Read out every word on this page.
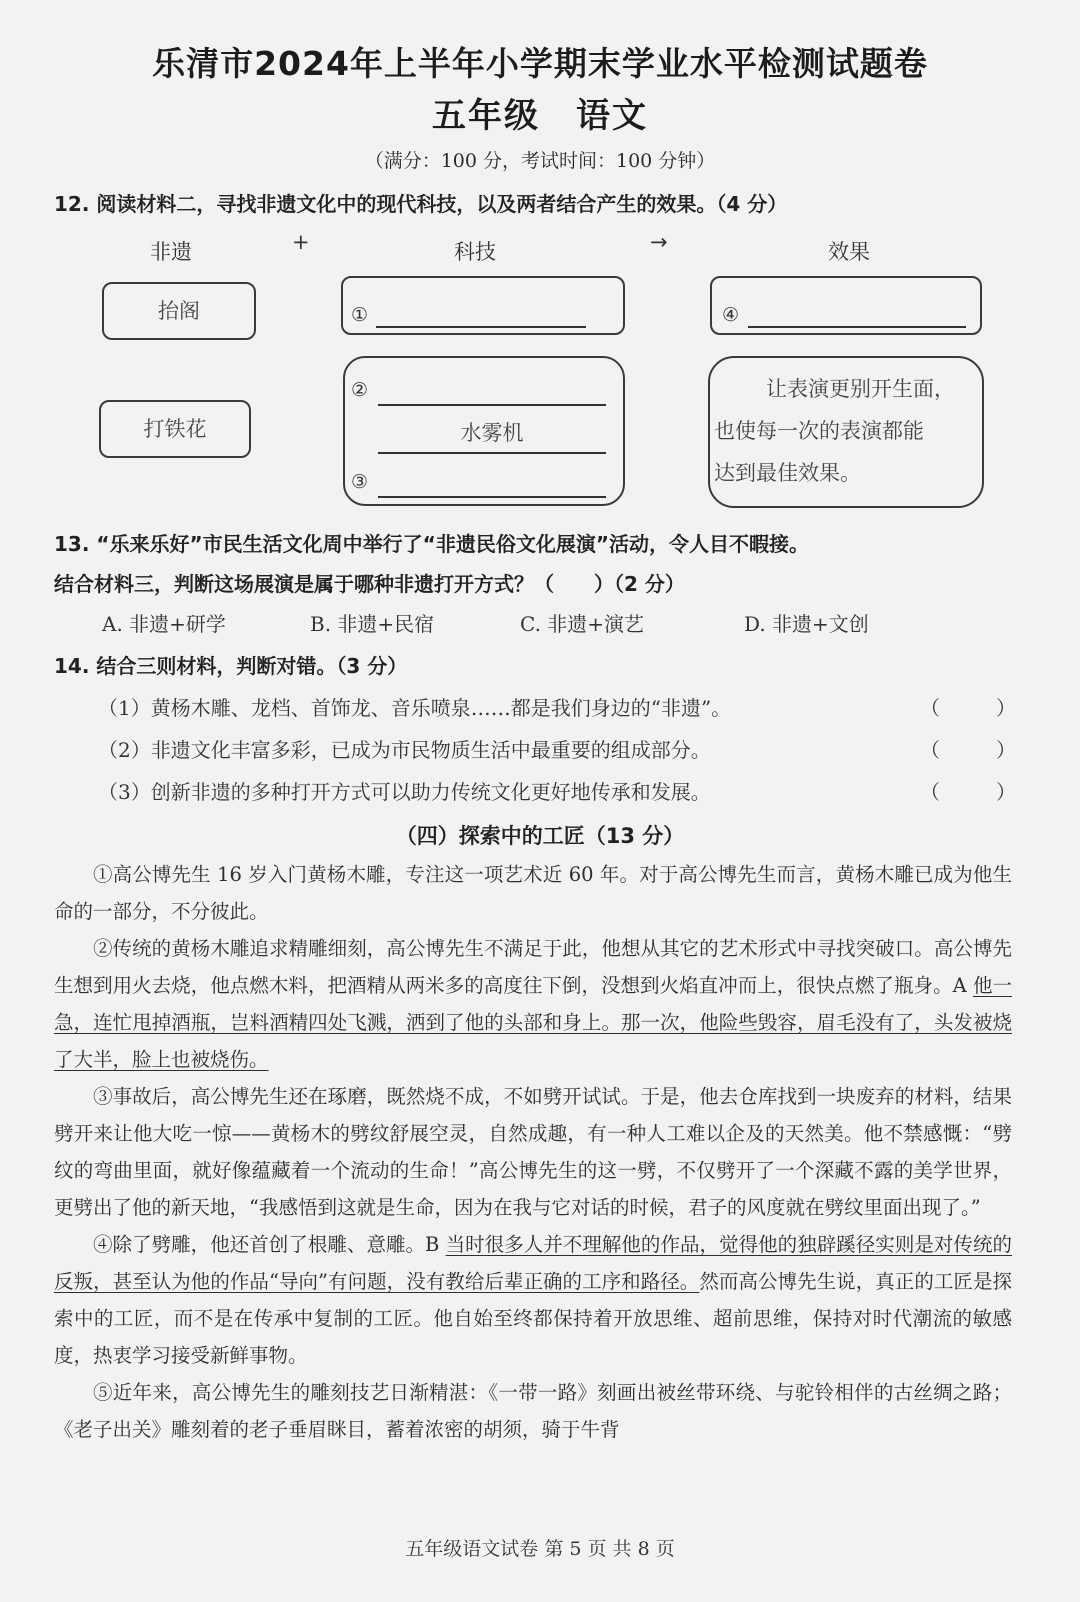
乐清市2024年上半年小学期末学业水平检测试题卷
五年级 语文
（满分：100 分，考试时间：100 分钟）
12. 阅读材料二，寻找非遗文化中的现代科技，以及两者结合产生的效果。（4 分）
非遗	+	科技	→	效果
抬阁
打铁花
①	④
②
水雾机
③
让表演更别开生面，
也使每一次的表演都能
达到最佳效果。
13. “乐来乐好”市民生活文化周中举行了“非遗民俗文化展演”活动，令人目不暇接。
结合材料三，判断这场展演是属于哪种非遗打开方式？（　　）（2 分）
A. 非遗+研学	B. 非遗+民宿	C. 非遗+演艺	D. 非遗+文创
14. 结合三则材料，判断对错。（3 分）
（1）黄杨木雕、龙档、首饰龙、音乐喷泉……都是我们身边的“非遗”。	（	）
（2）非遗文化丰富多彩，已成为市民物质生活中最重要的组成部分。	（	）
（3）创新非遗的多种打开方式可以助力传统文化更好地传承和发展。	（	）
（四）探索中的工匠（13 分）

①高公博先生 16 岁入门黄杨木雕，专注这一项艺术近 60 年。对于高公博先生而言，黄杨木雕已成为他生命的一部分，不分彼此。

②传统的黄杨木雕追求精雕细刻，高公博先生不满足于此，他想从其它的艺术形式中寻找突破口。高公博先生想到用火去烧，他点燃木料，把酒精从两米多的高度往下倒，没想到火焰直冲而上，很快点燃了瓶身。A 他一急，连忙甩掉酒瓶，岂料酒精四处飞溅，洒到了他的头部和身上。那一次，他险些毁容，眉毛没有了，头发被烧了大半，脸上也被烧伤。

③事故后，高公博先生还在琢磨，既然烧不成，不如劈开试试。于是，他去仓库找到一块废弃的材料，结果劈开来让他大吃一惊——黄杨木的劈纹舒展空灵，自然成趣，有一种人工难以企及的天然美。他不禁感慨：“劈纹的弯曲里面，就好像蕴藏着一个流动的生命！”高公博先生的这一劈，不仅劈开了一个深藏不露的美学世界，更劈出了他的新天地，“我感悟到这就是生命，因为在我与它对话的时候，君子的风度就在劈纹里面出现了。”

④除了劈雕，他还首创了根雕、意雕。B 当时很多人并不理解他的作品，觉得他的独辟蹊径实则是对传统的反叛，甚至认为他的作品“导向”有问题，没有教给后辈正确的工序和路径。然而高公博先生说，真正的工匠是探索中的工匠，而不是在传承中复制的工匠。他自始至终都保持着开放思维、超前思维，保持对时代潮流的敏感度，热衷学习接受新鲜事物。

⑤近年来，高公博先生的雕刻技艺日渐精湛：《一带一路》刻画出被丝带环绕、与驼铃相伴的古丝绸之路；《老子出关》雕刻着的老子垂眉眯目，蓄着浓密的胡须，骑于牛背

五年级语文试卷 第 5 页 共 8 页
